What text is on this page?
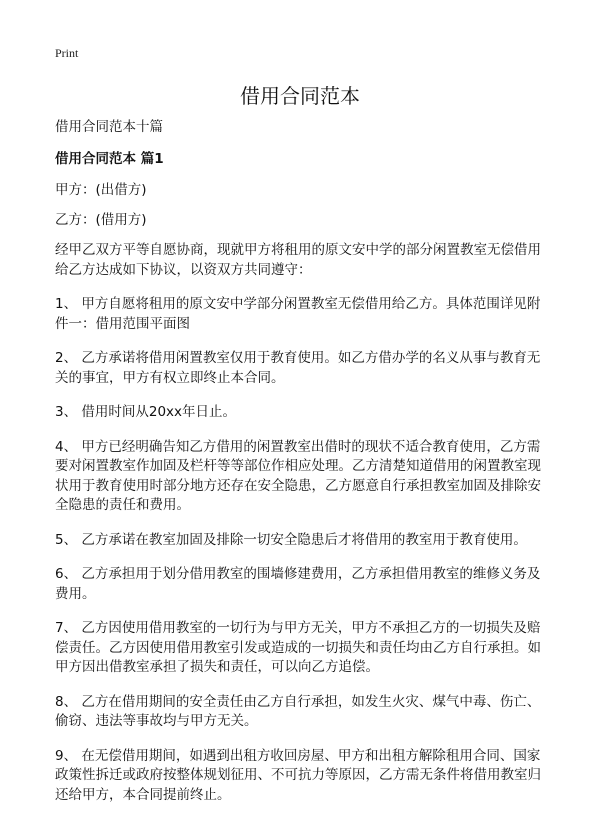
Print
借用合同范本

借用合同范本十篇

借用合同范本 篇1

甲方：(出借方)

乙方：(借用方)

经甲乙双方平等自愿协商，现就甲方将租用的原文安中学的部分闲置教室无偿借用给乙方达成如下协议，以资双方共同遵守：

1、 甲方自愿将租用的原文安中学部分闲置教室无偿借用给乙方。具体范围详见附件一：借用范围平面图

2、 乙方承诺将借用闲置教室仅用于教育使用。如乙方借办学的名义从事与教育无关的事宜，甲方有权立即终止本合同。

3、 借用时间从20xx年日止。

4、 甲方已经明确告知乙方借用的闲置教室出借时的现状不适合教育使用，乙方需要对闲置教室作加固及栏杆等等部位作相应处理。乙方清楚知道借用的闲置教室现状用于教育使用时部分地方还存在安全隐患，乙方愿意自行承担教室加固及排除安全隐患的责任和费用。

5、 乙方承诺在教室加固及排除一切安全隐患后才将借用的教室用于教育使用。

6、 乙方承担用于划分借用教室的围墙修建费用，乙方承担借用教室的维修义务及费用。

7、 乙方因使用借用教室的一切行为与甲方无关，甲方不承担乙方的一切损失及赔偿责任。乙方因使用借用教室引发或造成的一切损失和责任均由乙方自行承担。如甲方因出借教室承担了损失和责任，可以向乙方追偿。

8、 乙方在借用期间的安全责任由乙方自行承担，如发生火灾、煤气中毒、伤亡、偷窃、违法等事故均与甲方无关。

9、 在无偿借用期间，如遇到出租方收回房屋、甲方和出租方解除租用合同、国家政策性拆迁或政府按整体规划征用、不可抗力等原因，乙方需无条件将借用教室归还给甲方，本合同提前终止。
